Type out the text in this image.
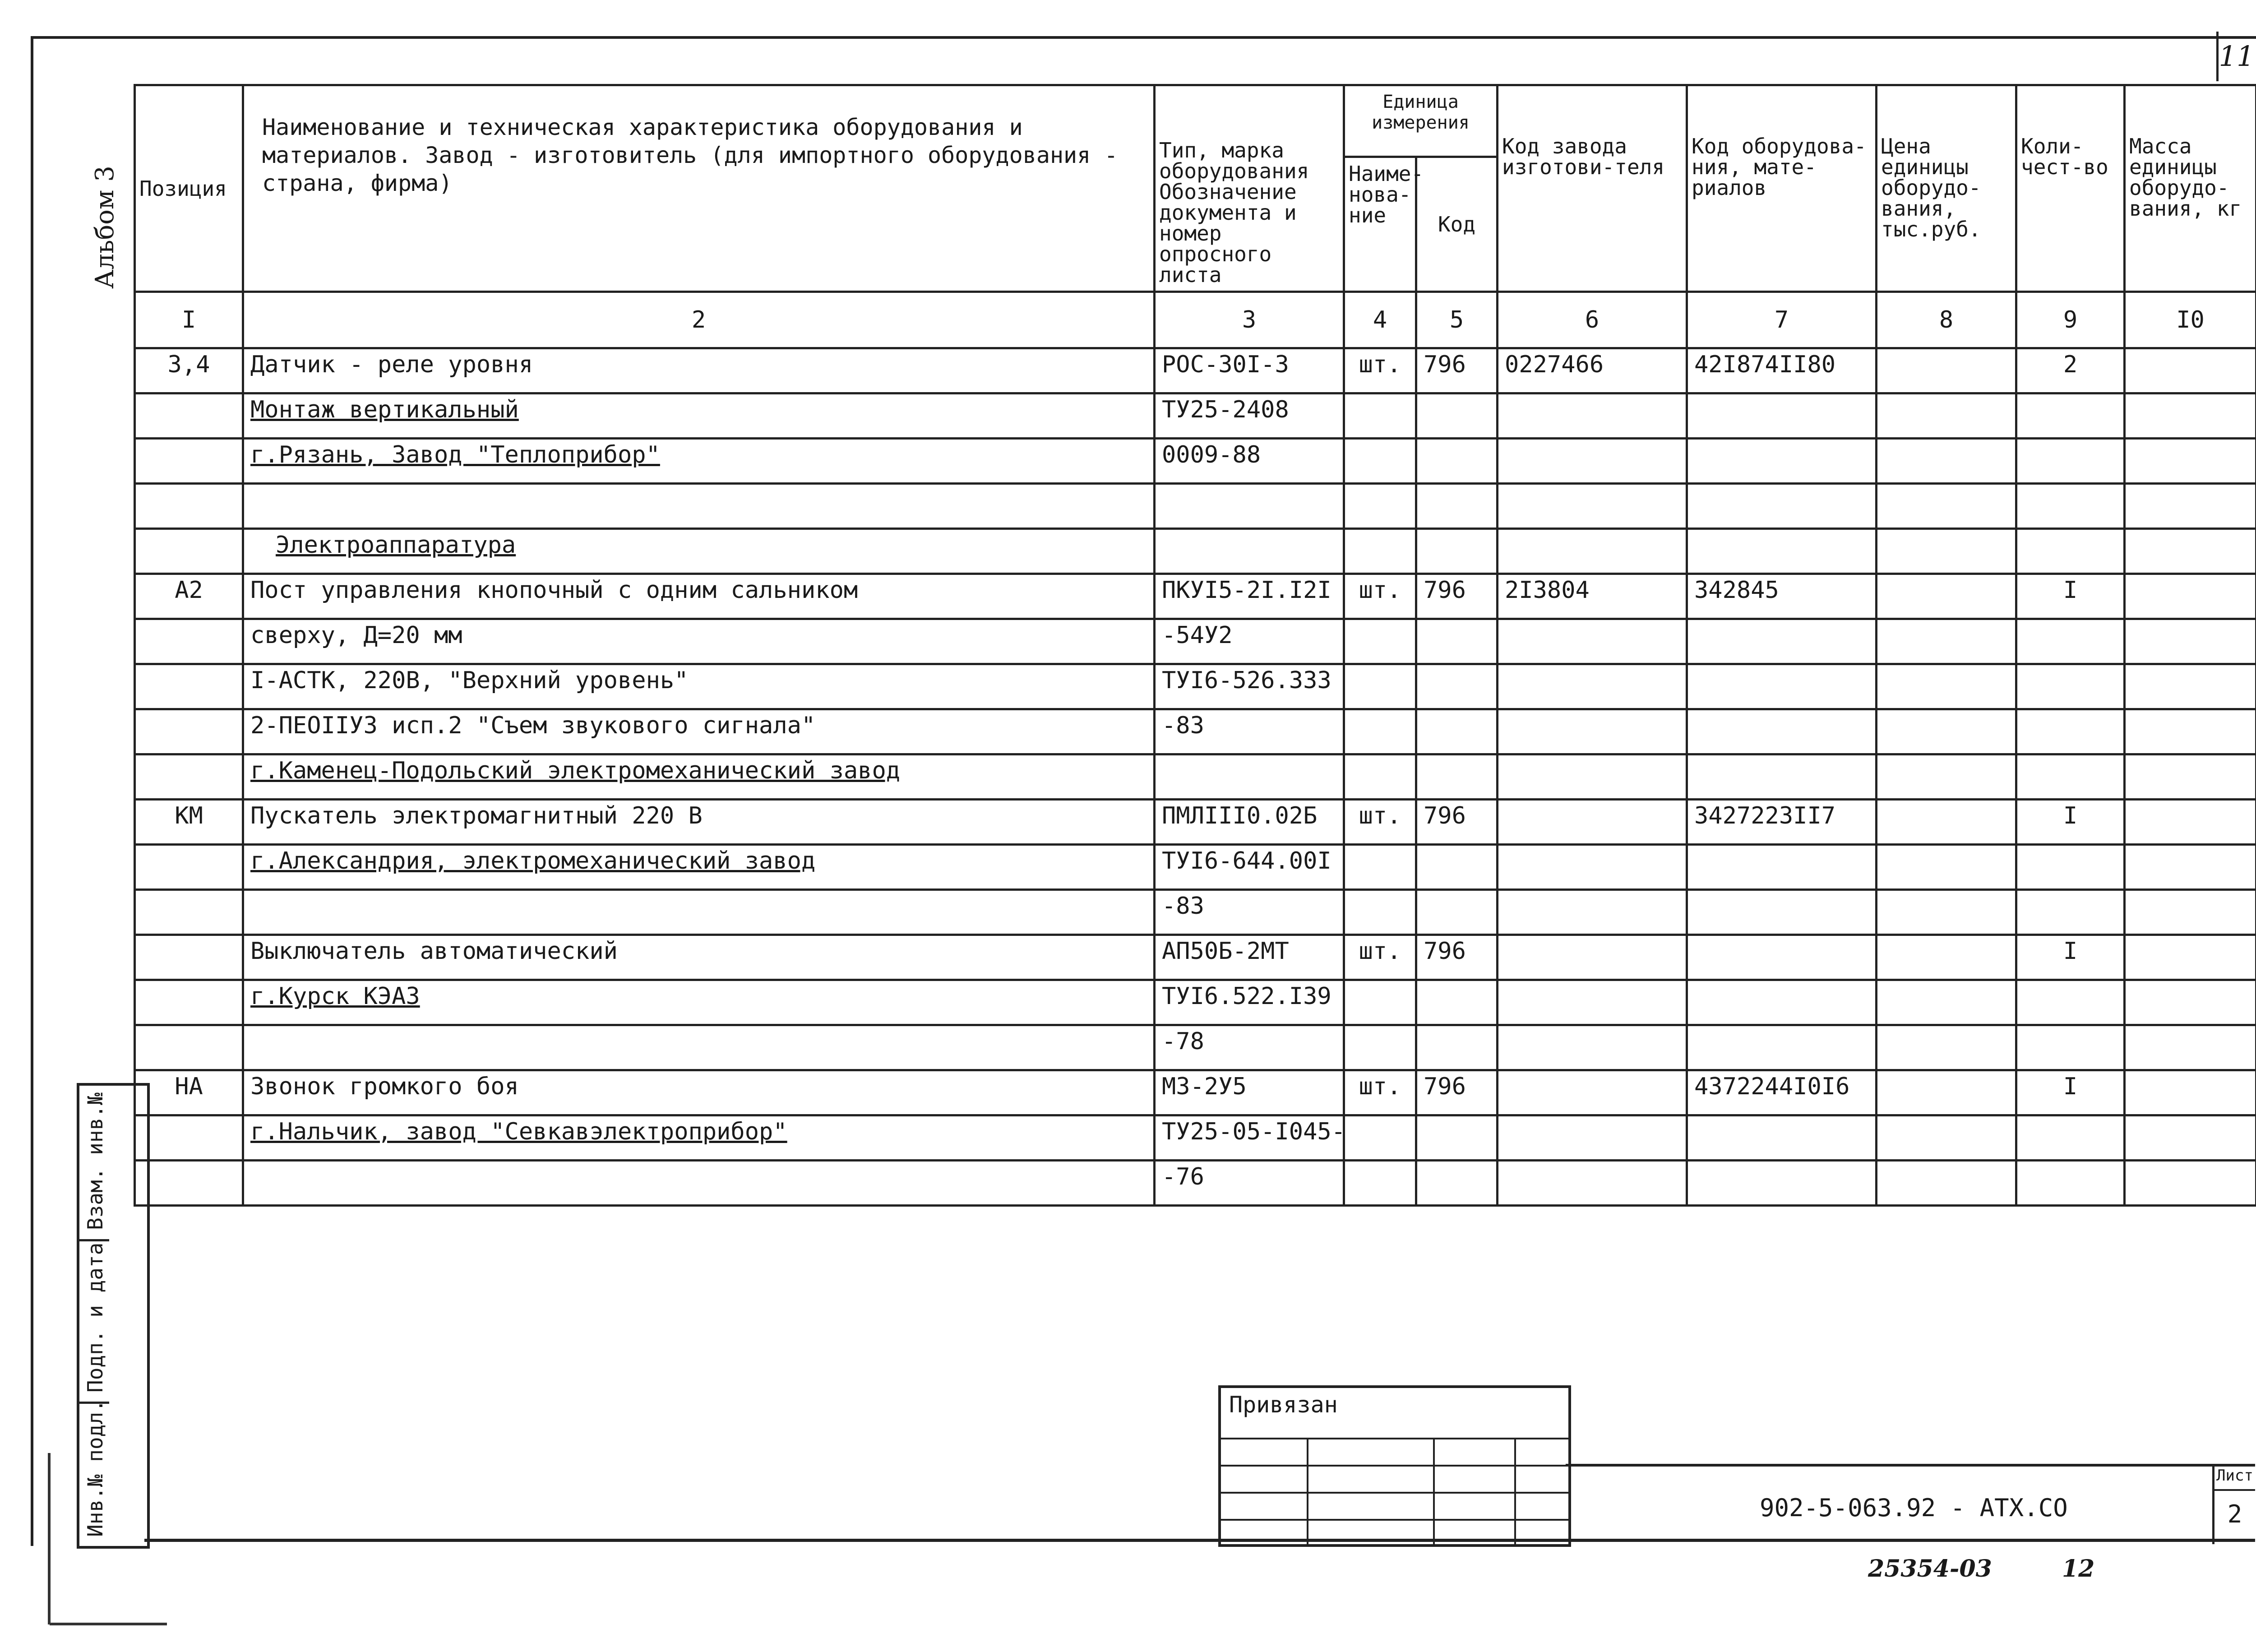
11
Альбом 3 Позиция	Наименование и техническая характеристика оборудования и материалов. Завод - изготовитель (для импортного оборудования - страна, фирма)	Тип, марка оборудования Обозначение документа и номер опросного листа	Единица измерения		Код завода изготови-теля	Код оборудова-ния, мате-риалов	Цена единицы оборудо-вания, тыс.руб.	Коли-чест-во	Масса единицы оборудо-вания, кг
			Наиме-нова-ние	Код					
I	2	3	4	5	6	7	8	9	I0
3,4	Датчик - реле уровня	РОС-30I-3	шт.	796	0227466	42I874II80		2	
	Монтаж вертикальный	ТУ25-2408							
	г.Рязань, Завод "Теплоприбор"	0009-88							

	Электроаппаратура								
А2	Пост управления кнопочный с одним сальником	ПКУI5-2I.I2I	шт.	796	2I3804	342845		I	
	сверху, Д=20 мм	-54У2							
	I-АСТК, 220В, "Верхний уровень"	ТУI6-526.333							
	2-ПЕОIIУ3 исп.2 "Съем звукового сигнала"	-83							
	г.Каменец-Подольский электромеханический завод								
КМ	Пускатель электромагнитный 220 В	ПМЛIII0.02Б	шт.	796		3427223II7		I	
	г.Александрия, электромеханический завод	ТУI6-644.00I							
		-83							
	Выключатель автоматический	АП50Б-2МТ	шт.	796				I	
	г.Курск КЭАЗ	ТУI6.522.I39							
		-78							
НА	Звонок громкого боя	МЗ-2У5	шт.	796		4372244I0I6		I	
	г.Нальчик, завод "Севкавэлектроприбор"	ТУ25-05-I045-							
		-76							
Взам. инв.№
Подп. и дата
Инв.№ подл.	Привязан
902-5-063.92 - АТХ.СО
Лист
2
25354-03	12
